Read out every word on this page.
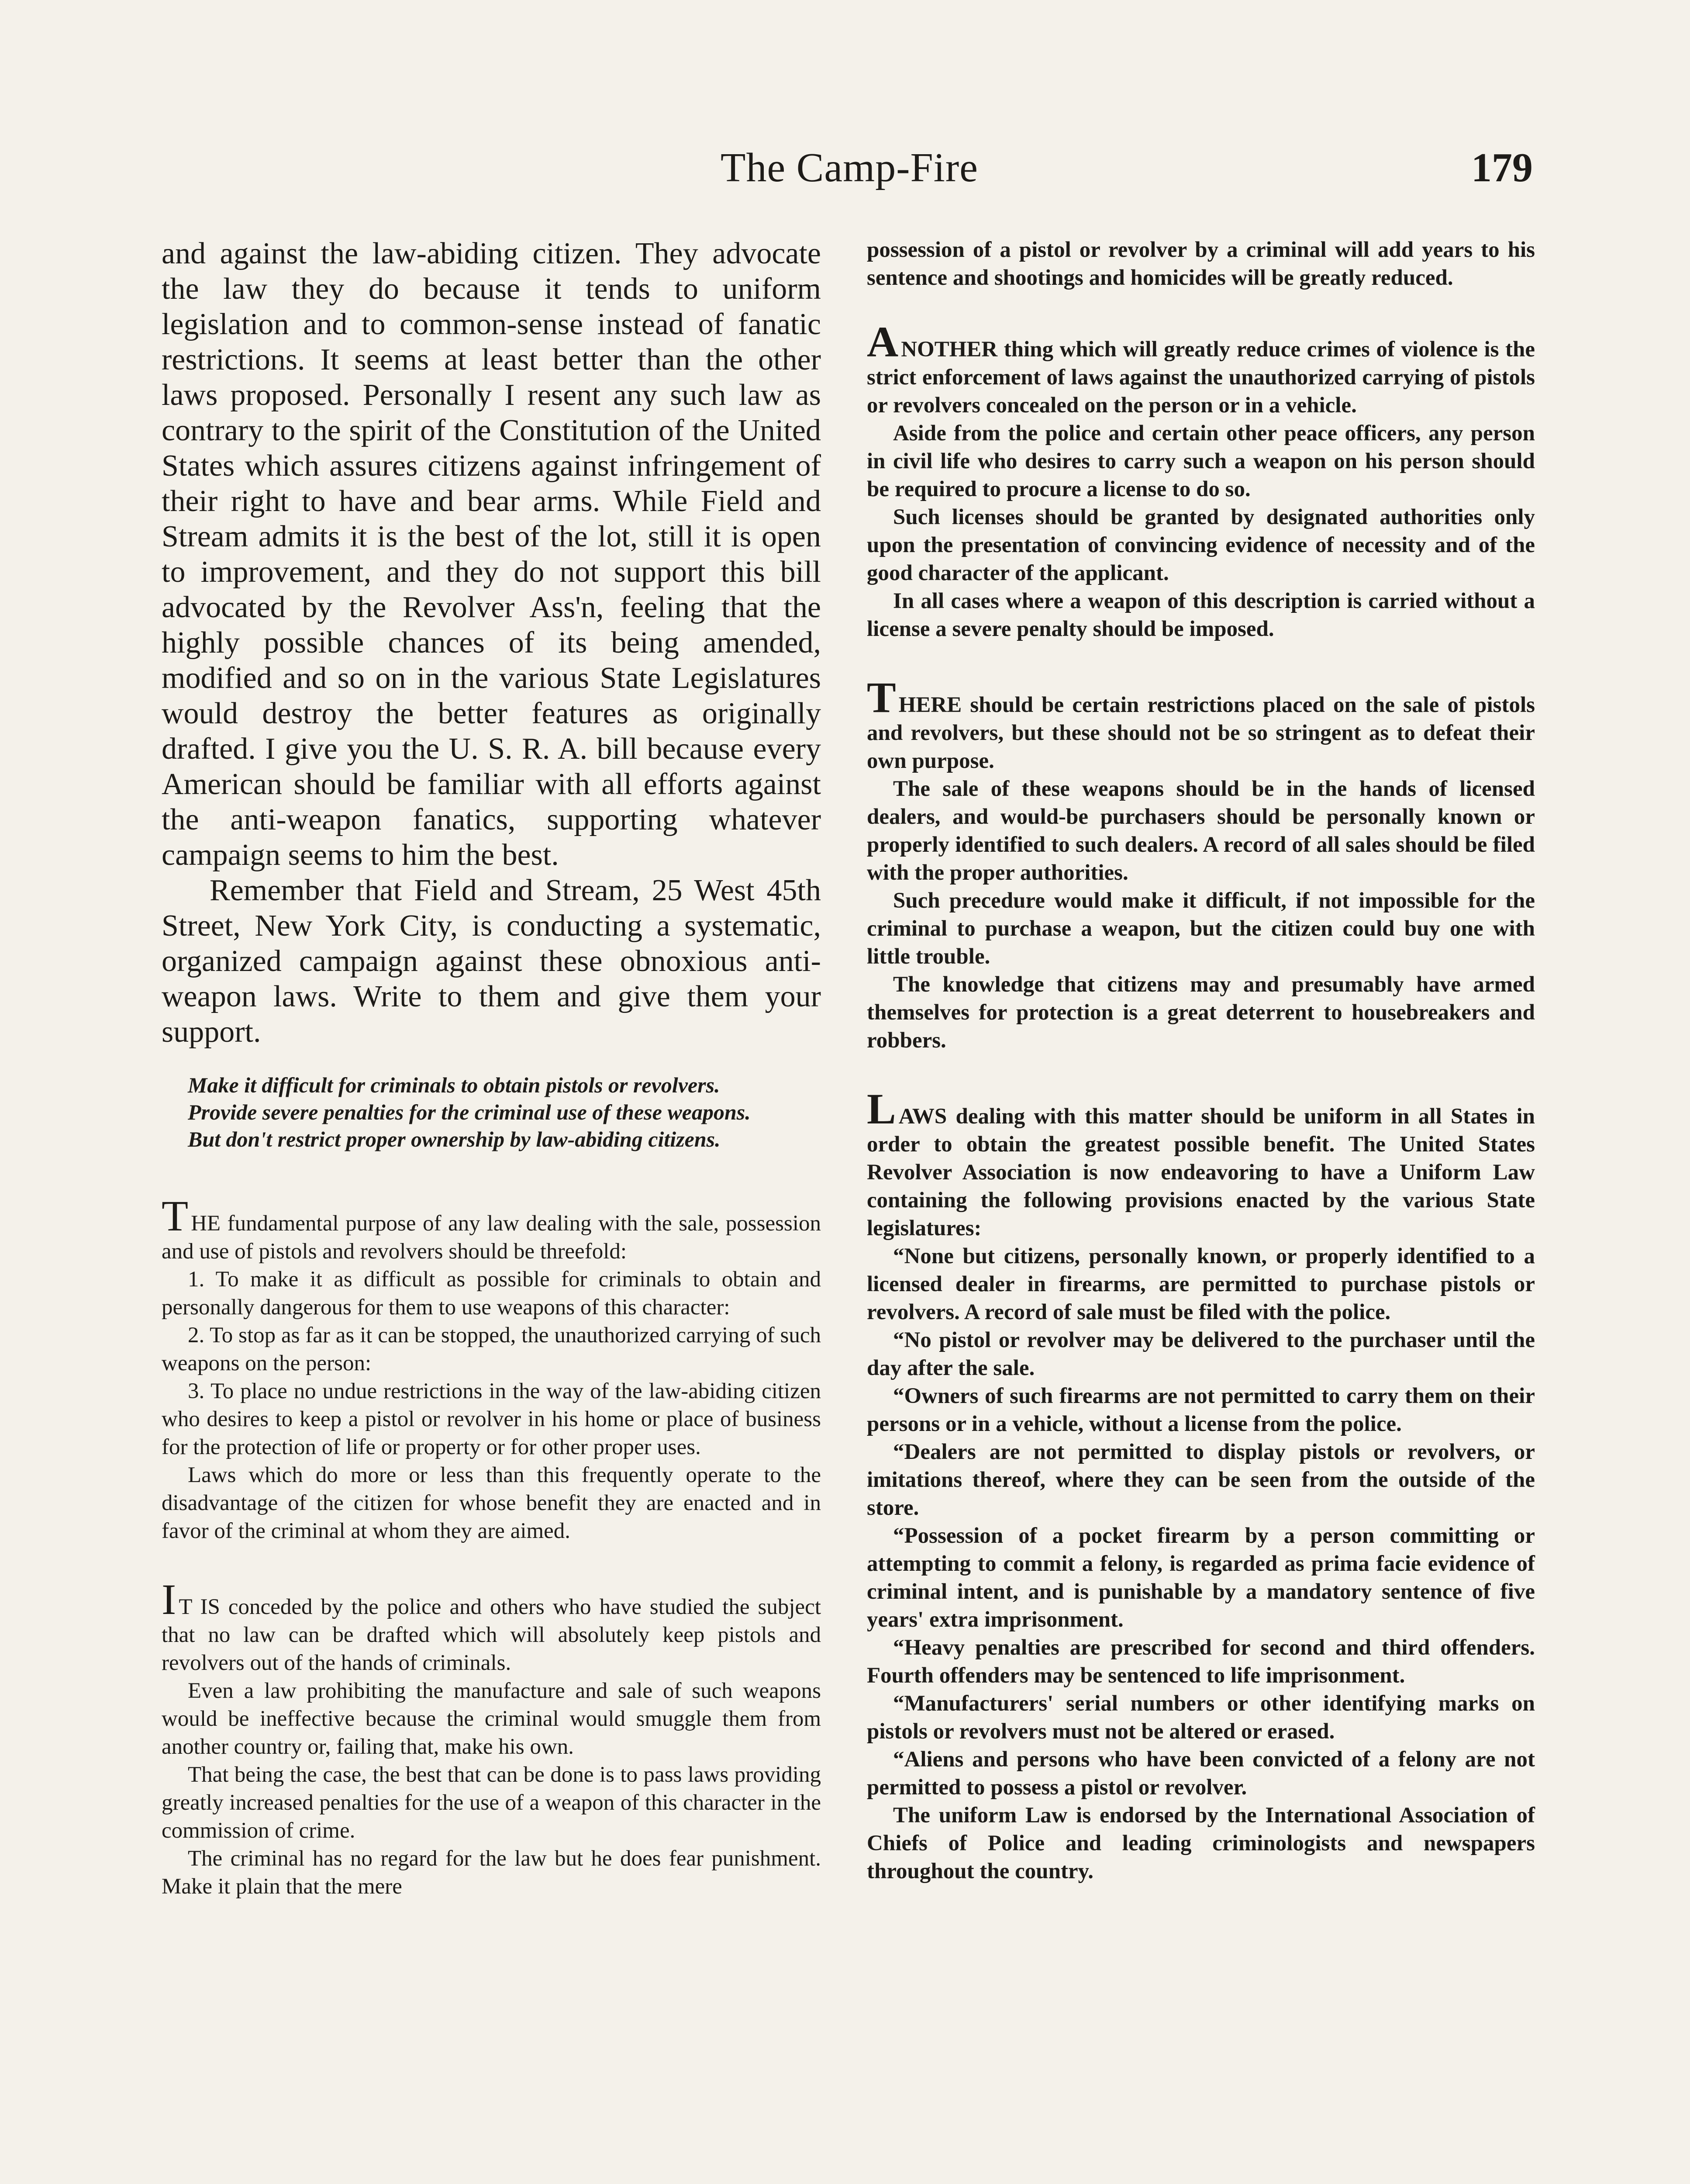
The Camp-Fire	179

and against the law-abiding citizen. They advocate the law they do because it tends to uniform legislation and to common-sense instead of fanatic restrictions. It seems at least better than the other laws proposed. Personally I resent any such law as contrary to the spirit of the Constitution of the United States which assures citizens against infringement of their right to have and bear arms. While Field and Stream admits it is the best of the lot, still it is open to improvement, and they do not support this bill advocated by the Revolver Ass'n, feeling that the highly possible chances of its being amended, modified and so on in the various State Legislatures would destroy the better features as originally drafted. I give you the U. S. R. A. bill because every American should be familiar with all efforts against the anti-weapon fanatics, supporting whatever campaign seems to him the best.

Remember that Field and Stream, 25 West 45th Street, New York City, is conducting a systematic, organized campaign against these obnoxious anti-weapon laws. Write to them and give them your support.

Make it difficult for criminals to obtain pistols or revolvers.

Provide severe penalties for the criminal use of these weapons.

But don't restrict proper ownership by law-abiding citizens.

THE fundamental purpose of any law dealing with the sale, possession and use of pistols and revolvers should be threefold:

1. To make it as difficult as possible for criminals to obtain and personally dangerous for them to use weapons of this character:

2. To stop as far as it can be stopped, the unauthorized carrying of such weapons on the person:

3. To place no undue restrictions in the way of the law-abiding citizen who desires to keep a pistol or revolver in his home or place of business for the protection of life or property or for other proper uses.

Laws which do more or less than this frequently operate to the disadvantage of the citizen for whose benefit they are enacted and in favor of the criminal at whom they are aimed.

I T IS conceded by the police and others who have studied the subject that no law can be drafted which will absolutely keep pistols and revolvers out of the hands of criminals.

Even a law prohibiting the manufacture and sale of such weapons would be ineffective because the criminal would smuggle them from another country or, failing that, make his own.

That being the case, the best that can be done is to pass laws providing greatly increased penalties for the use of a weapon of this character in the commission of crime.

The criminal has no regard for the law but he does fear punishment. Make it plain that the mere

possession of a pistol or revolver by a criminal will add years to his sentence and shootings and homicides will be greatly reduced.

ANOTHER thing which will greatly reduce crimes of violence is the strict enforcement of laws against the unauthorized carrying of pistols or revolvers concealed on the person or in a vehicle.

Aside from the police and certain other peace officers, any person in civil life who desires to carry such a weapon on his person should be required to procure a license to do so.

Such licenses should be granted by designated authorities only upon the presentation of convincing evidence of necessity and of the good character of the applicant.

In all cases where a weapon of this description is carried without a license a severe penalty should be imposed.

THERE should be certain restrictions placed on the sale of pistols and revolvers, but these should not be so stringent as to defeat their own purpose.

The sale of these weapons should be in the hands of licensed dealers, and would-be purchasers should be personally known or properly identified to such dealers. A record of all sales should be filed with the proper authorities.

Such precedure would make it difficult, if not impossible for the criminal to purchase a weapon, but the citizen could buy one with little trouble.

The knowledge that citizens may and presumably have armed themselves for protection is a great deterrent to housebreakers and robbers.

LAWS dealing with this matter should be uniform in all States in order to obtain the greatest possible benefit. The United States Revolver Association is now endeavoring to have a Uniform Law containing the following provisions enacted by the various State legislatures:

“None but citizens, personally known, or properly identified to a licensed dealer in firearms, are permitted to purchase pistols or revolvers. A record of sale must be filed with the police.

“No pistol or revolver may be delivered to the purchaser until the day after the sale.

“Owners of such firearms are not permitted to carry them on their persons or in a vehicle, without a license from the police.

“Dealers are not permitted to display pistols or revolvers, or imitations thereof, where they can be seen from the outside of the store.

“Possession of a pocket firearm by a person committing or attempting to commit a felony, is regarded as prima facie evidence of criminal intent, and is punishable by a mandatory sentence of five years' extra imprisonment.

“Heavy penalties are prescribed for second and third offenders. Fourth offenders may be sentenced to life imprisonment.

“Manufacturers' serial numbers or other identifying marks on pistols or revolvers must not be altered or erased.

“Aliens and persons who have been convicted of a felony are not permitted to possess a pistol or revolver.

The uniform Law is endorsed by the International Association of Chiefs of Police and leading criminologists and newspapers throughout the country.
